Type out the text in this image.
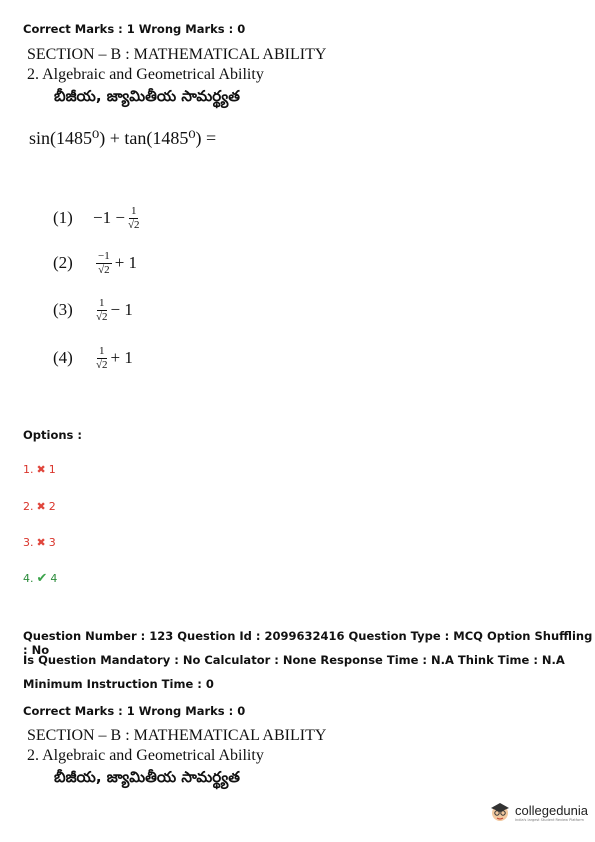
Correct Marks : 1 Wrong Marks : 0
SECTION – B : MATHEMATICAL ABILITY
2. Algebraic and Geometrical Ability
బీజీయ, జ్యామితీయ సామర్థ్యత
sin(1485⁰) + tan(1485⁰) =
(1)	$-1 - \frac{1}{√2}$
(2)	$\frac{-1}{√2} + 1$
(3)	$\frac{1}{√2} - 1$
(4)	$\frac{1}{√2} + 1$
Options :
1. ✖ 1
2. ✖ 2
3. ✖ 3
4. ✔ 4
Question Number : 123 Question Id : 2099632416 Question Type : MCQ Option Shuffling : No
Is Question Mandatory : No Calculator : None Response Time : N.A Think Time : N.A
Minimum Instruction Time : 0
Correct Marks : 1 Wrong Marks : 0
SECTION – B : MATHEMATICAL ABILITY
2. Algebraic and Geometrical Ability
బీజీయ, జ్యామితీయ సామర్థ్యత
collegedunia
India's largest Student Review Platform
